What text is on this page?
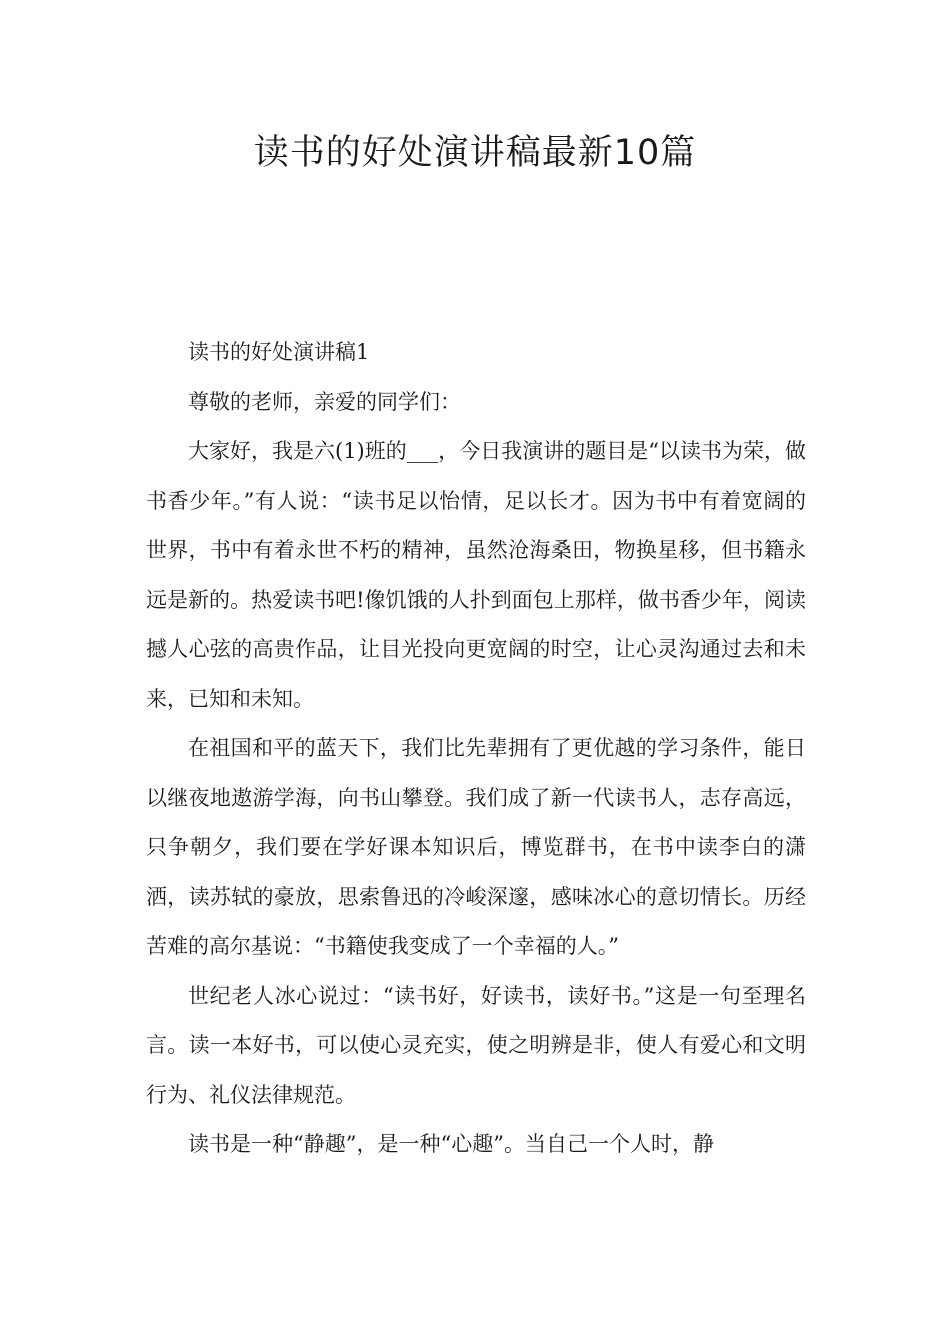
读书的好处演讲稿最新10篇

读书的好处演讲稿1

尊敬的老师，亲爱的同学们：

大家好，我是六(1)班的___，今日我演讲的题目是“以读书为荣，做书香少年。”有人说：“读书足以怡情，足以长才。因为书中有着宽阔的世界，书中有着永世不朽的精神，虽然沧海桑田，物换星移，但书籍永远是新的。热爱读书吧!像饥饿的人扑到面包上那样，做书香少年，阅读撼人心弦的高贵作品，让目光投向更宽阔的时空，让心灵沟通过去和未来，已知和未知。

在祖国和平的蓝天下，我们比先辈拥有了更优越的学习条件，能日以继夜地遨游学海，向书山攀登。我们成了新一代读书人，志存高远，只争朝夕，我们要在学好课本知识后，博览群书，在书中读李白的潇洒，读苏轼的豪放，思索鲁迅的冷峻深邃，感味冰心的意切情长。历经苦难的高尔基说：“书籍使我变成了一个幸福的人。”

世纪老人冰心说过：“读书好，好读书，读好书。”这是一句至理名言。读一本好书，可以使心灵充实，使之明辨是非，使人有爱心和文明行为、礼仪法律规范。

读书是一种“静趣”，是一种“心趣”。当自己一个人时，静
